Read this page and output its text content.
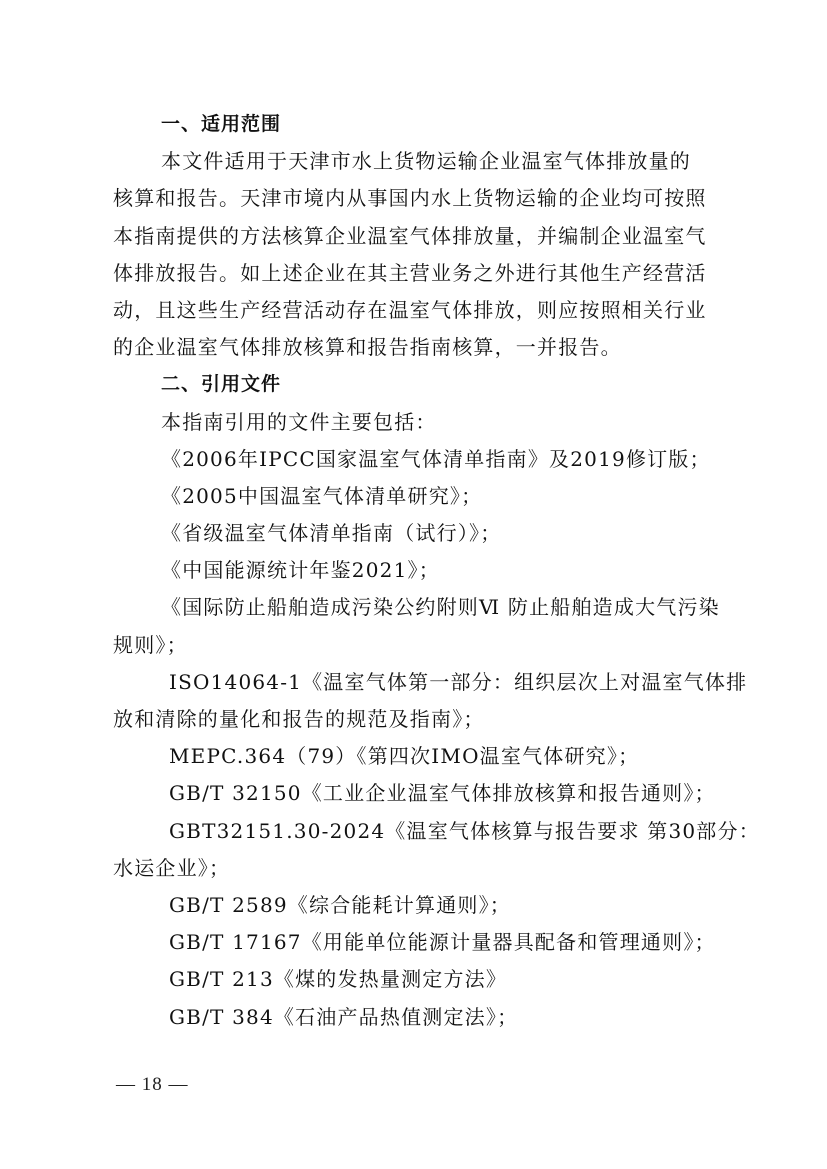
一、适用范围
本文件适用于天津市水上货物运输企业温室气体排放量的
核算和报告。天津市境内从事国内水上货物运输的企业均可按照
本指南提供的方法核算企业温室气体排放量，并编制企业温室气
体排放报告。如上述企业在其主营业务之外进行其他生产经营活
动，且这些生产经营活动存在温室气体排放，则应按照相关行业
的企业温室气体排放核算和报告指南核算，一并报告。
二、引用文件
本指南引用的文件主要包括：
《2006年IPCC国家温室气体清单指南》及2019修订版；
《2005中国温室气体清单研究》；
《省级温室气体清单指南（试行）》；
《中国能源统计年鉴2021》；
《国际防止船舶造成污染公约附则Ⅵ 防止船舶造成大气污染
规则》；
ISO14064-1《温室气体第一部分：组织层次上对温室气体排
放和清除的量化和报告的规范及指南》；
MEPC.364（79）《第四次IMO温室气体研究》；
GB/T 32150《工业企业温室气体排放核算和报告通则》；
GBT32151.30-2024《温室气体核算与报告要求 第30部分：
水运企业》；
GB/T 2589《综合能耗计算通则》；
GB/T 17167《用能单位能源计量器具配备和管理通则》；
GB/T 213《煤的发热量测定方法》
GB/T 384《石油产品热值测定法》；
— 18 —
